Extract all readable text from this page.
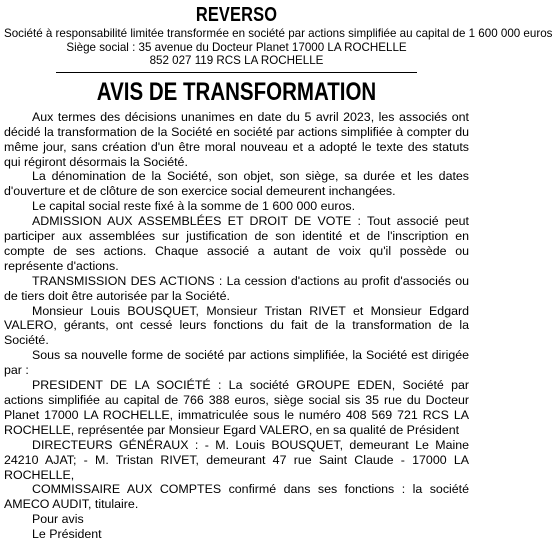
REVERSO
Société à responsabilité limitée transformée en société par actions simplifiée au capital de 1 600 000 euros
Siège social : 35 avenue du Docteur Planet 17000 LA ROCHELLE
852 027 119 RCS LA ROCHELLE
AVIS DE TRANSFORMATION

Aux termes des décisions unanimes en date du 5 avril 2023, les associés ont décidé la transformation de la Société en société par actions simplifiée à compter du même jour, sans création d'un être moral nouveau et a adopté le texte des statuts qui régiront désormais la Société.

La dénomination de la Société, son objet, son siège, sa durée et les dates d'ouverture et de clôture de son exercice social demeurent inchangées.

Le capital social reste fixé à la somme de 1 600 000 euros.

ADMISSION AUX ASSEMBLÉES ET DROIT DE VOTE : Tout associé peut participer aux assemblées sur justification de son identité et de l'inscription en compte de ses actions. Chaque associé a autant de voix qu'il possède ou représente d'actions.

TRANSMISSION DES ACTIONS : La cession d'actions au profit d'associés ou de tiers doit être autorisée par la Société.

Monsieur Louis BOUSQUET, Monsieur Tristan RIVET et Monsieur Edgard VALERO, gérants, ont cessé leurs fonctions du fait de la transformation de la Société.

Sous sa nouvelle forme de société par actions simplifiée, la Société est dirigée par :

PRESIDENT DE LA SOCIÉTÉ : La société GROUPE EDEN, Société par actions simplifiée au capital de 766 388 euros, siège social sis 35 rue du Docteur Planet 17000 LA ROCHELLE, immatriculée sous le numéro 408 569 721 RCS LA ROCHELLE, représentée par Monsieur Egard VALERO, en sa qualité de Président

DIRECTEURS GÉNÉRAUX : - M. Louis BOUSQUET, demeurant Le Maine 24210 AJAT; - M. Tristan RIVET, demeurant 47 rue Saint Claude - 17000 LA ROCHELLE,

COMMISSAIRE AUX COMPTES confirmé dans ses fonctions : la société AMECO AUDIT, titulaire.

Pour avis
Le Président
